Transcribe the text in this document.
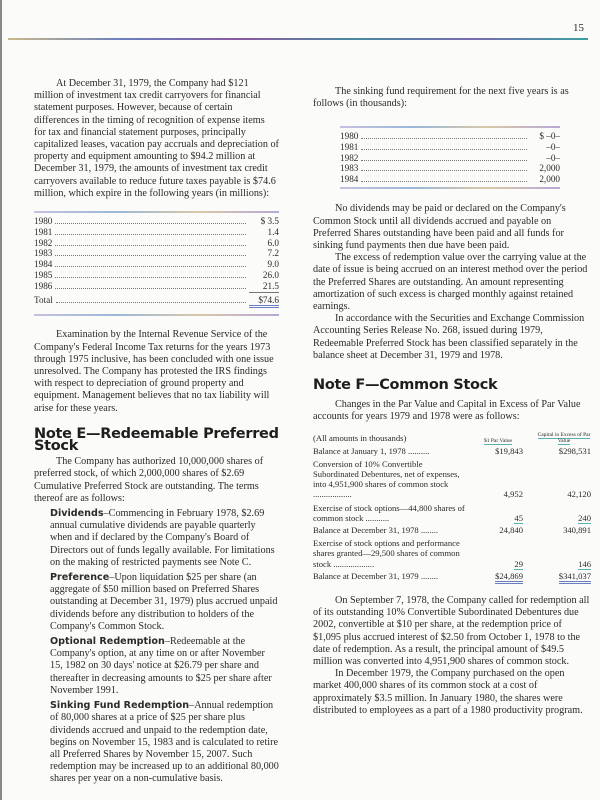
15

At December 31, 1979, the Company had $121 million of investment tax credit carryovers for financial statement purposes. However, because of certain differences in the timing of recognition of expense items for tax and financial statement purposes, principally capitalized leases, vacation pay accruals and depreciation of property and equipment amounting to $94.2 million at December 31, 1979, the amounts of investment tax credit carryovers available to reduce future taxes payable is $74.6 million, which expire in the following years (in millions):

1980	$ 3.5
1981	1.4
1982	6.0
1983	7.2
1984	9.0
1985	26.0
1986	21.5
Total	$74.6

Examination by the Internal Revenue Service of the Company's Federal Income Tax returns for the years 1973 through 1975 inclusive, has been concluded with one issue unresolved. The Company has protested the IRS findings with respect to depreciation of ground property and equipment. Management believes that no tax liability will arise for these years.

Note E—Redeemable Preferred Stock

The Company has authorized 10,000,000 shares of preferred stock, of which 2,000,000 shares of $2.69 Cumulative Preferred Stock are outstanding. The terms thereof are as follows:

Dividends–Commencing in February 1978, $2.69 annual cumulative dividends are payable quarterly when and if declared by the Company's Board of Directors out of funds legally available. For limitations on the making of restricted payments see Note C.

Preference–Upon liquidation $25 per share (an aggregate of $50 million based on Preferred Shares outstanding at December 31, 1979) plus accrued unpaid dividends before any distribution to holders of the Company's Common Stock.

Optional Redemption–Redeemable at the Company's option, at any time on or after November 15, 1982 on 30 days' notice at $26.79 per share and thereafter in decreasing amounts to $25 per share after November 1991.

Sinking Fund Redemption–Annual redemption of 80,000 shares at a price of $25 per share plus dividends accrued and unpaid to the redemption date, begins on November 15, 1983 and is calculated to retire all Preferred Shares by November 15, 2007. Such redemption may be increased up to an additional 80,000 shares per year on a non-cumulative basis.

The sinking fund requirement for the next five years is as follows (in thousands):

1980	$ –0–
1981	–0–
1982	–0–
1983	2,000
1984	2,000

No dividends may be paid or declared on the Company's Common Stock until all dividends accrued and payable on Preferred Shares outstanding have been paid and all funds for sinking fund payments then due have been paid.

The excess of redemption value over the carrying value at the date of issue is being accrued on an interest method over the period the Preferred Shares are outstanding. An amount representing amortization of such excess is charged monthly against retained earnings.

In accordance with the Securities and Exchange Commission Accounting Series Release No. 268, issued during 1979, Redeemable Preferred Stock has been classified separately in the balance sheet at December 31, 1979 and 1978.

Note F—Common Stock

Changes in the Par Value and Capital in Excess of Par Value accounts for years 1979 and 1978 were as follows:

(All amounts in thousands)	$1 Par Value	Capital in Excess of Par Value
Balance at January 1, 1978 ..........	$19,843	$298,531
Conversion of 10% Convertible Subordinated Debentures, net of expenses, into 4,951,900 shares of common stock ..................	4,952	42,120
Exercise of stock options—44,800 shares of common stock ...........	45	240
Balance at December 31, 1978 ........	24,840	340,891
Exercise of stock options and performance shares granted—29,500 shares of common stock ...................	29	146
Balance at December 31, 1979 ........	$24,869	$341,037

On September 7, 1978, the Company called for redemption all of its outstanding 10% Convertible Subordinated Debentures due 2002, convertible at $10 per share, at the redemption price of $1,095 plus accrued interest of $2.50 from October 1, 1978 to the date of redemption. As a result, the principal amount of $49.5 million was converted into 4,951,900 shares of common stock.

In December 1979, the Company purchased on the open market 400,000 shares of its common stock at a cost of approximately $3.5 million. In January 1980, the shares were distributed to employees as a part of a 1980 productivity program.
